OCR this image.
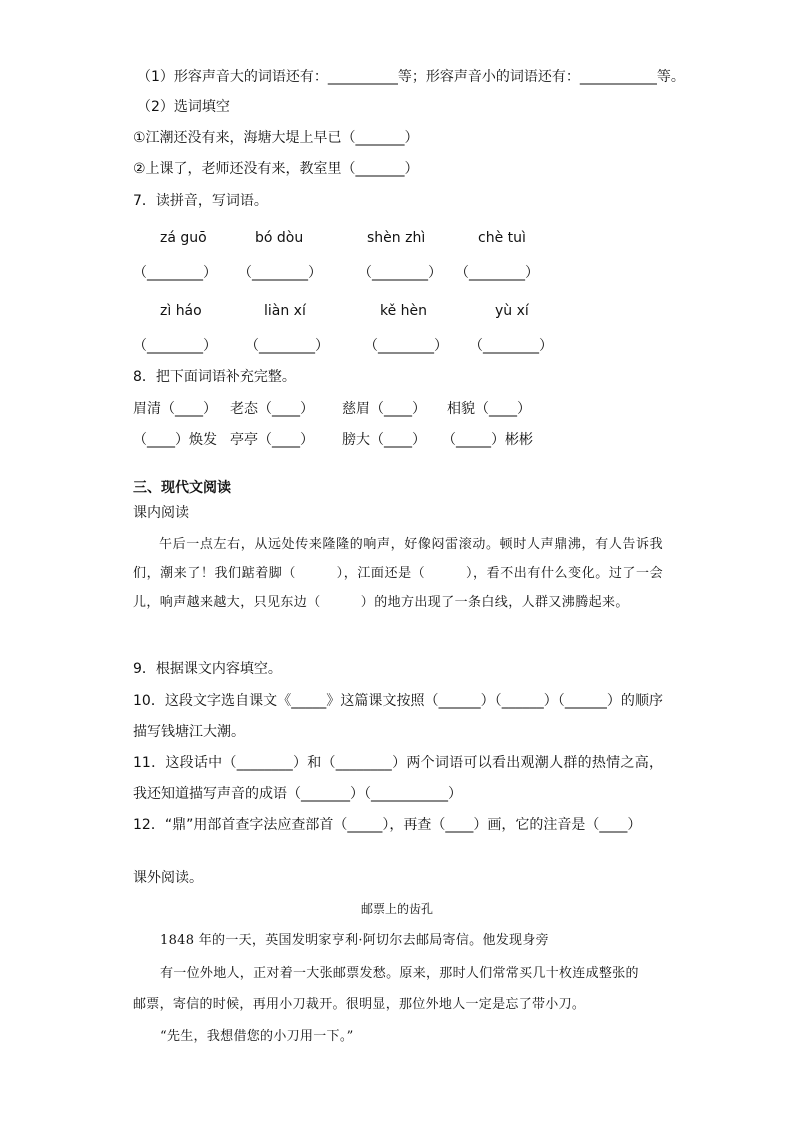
（1）形容声音大的词语还有：__________等；形容声音小的词语还有：___________等。
（2）选词填空
①江潮还没有来，海塘大堤上早已（_______）
②上课了，老师还没有来，教室里（_______）
7．读拼音，写词语。
zá guō	bó dòu	shèn zhì	chè tuì
（________） （________）	（________） （________）
zì háo	liàn xí	kě hèn	yù xí
（________） （________）	（________） （________）
8．把下面词语补充完整。
眉清（____） 老态（____） 慈眉（____） 相貌（____）
（____）焕发 亭亭（____） 膀大（____） （_____）彬彬
三、现代文阅读
课内阅读
午后一点左右，从远处传来隆隆的响声，好像闷雷滚动。顿时人声鼎沸，有人告诉我们，潮来了！我们踮着脚（　　　），江面还是（　　　），看不出有什么变化。过了一会儿，响声越来越大，只见东边（　　　）的地方出现了一条白线，人群又沸腾起来。
9．根据课文内容填空。
10．这段文字选自课文《_____》这篇课文按照（______）（______）（______）的顺序描写钱塘江大潮。
11．这段话中（________）和（________）两个词语可以看出观潮人群的热情之高，我还知道描写声音的成语（_______）（___________）
12．“鼎”用部首查字法应查部首（_____），再查（____）画，它的注音是（____）
课外阅读。
邮票上的齿孔
1848 年的一天，英国发明家亨利·阿切尔去邮局寄信。他发现身旁
有一位外地人，正对着一大张邮票发愁。原来，那时人们常常买几十枚连成整张的
邮票，寄信的时候，再用小刀裁开。很明显，那位外地人一定是忘了带小刀。
“先生，我想借您的小刀用一下。”
